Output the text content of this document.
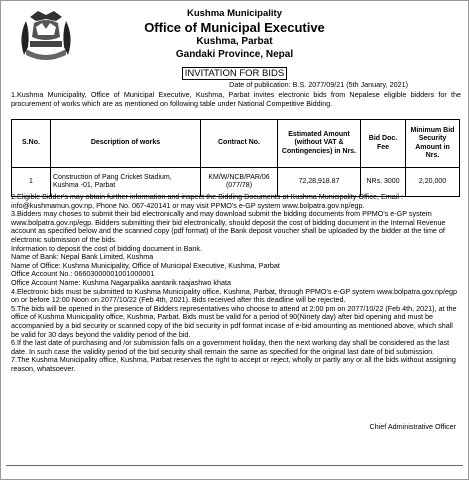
Kushma Municipality
Office of Municipal Executive
Kushma, Parbat
Gandaki Province, Nepal
INVITATION FOR BIDS
Date of publication: B.S. 2077/09/21 (5th January, 2021)
1.Kushma Municipality, Office of Municipal Executive, Kushma, Parbat invites electronic bids from Nepalese eligible bidders for the procurement of works which are as mentioned on following table under National Competitive Bidding.
S.No.	Description of works	Contract No.	Estimated Amount (without VAT & Contingencies) in Nrs.	Bid Doc. Fee	Minimum Bid Security Amount in Nrs.
1	Construction of Pang Cricket Stadium, Kushma -01, Parbat	KM/W/NCB/PAR/06 (077/78)	72,28,918.87	NRs. 3000	2,20,000

2.Eligible Bidder's may obtain further information and inspect the Bidding Documents at Kushma Municipality Office, Email : info@kushmamun.gov.np, Phone No. 067-420141 or may visit PPMO's e-GP system www.bolpatra.gov.np/egp.

3.Bidders may choses to submit their bid electronically and may download submit the bidding documents from PPMO's e-GP system www.bolpatra.gov.np/egp. Bidders submitting their bid electronically, should deposit the cost of bidding document in the Internal Revenue account as specified below and the scanned copy (pdf format) of the Bank deposit voucher shall be uploaded by the bidder at the time of electronic submission of the bids.

Information to deposit the cost of bidding document in Bank.

Name of Bank: Nepal Bank Limited, Kushma

Name of Office: Kushma Municipality, Office of Municipal Executive, Kushma, Parbat

Office Account No.: 06603000001001000001

Office Account Name: Kushma Nagarpalika aantarik raajashwo khata

4.Electronic bids must be submitted to Kushma Municipality office, Kushma, Parbat, through PPMO's e-GP system www.bolpatra.gov.np/egp on or before 12:00 Noon on 2077/10/22 (Feb 4th, 2021). Bids received after this deadline will be rejected.

5.The bids will be opened in the presence of Bidders representatives who choose to attend at 2:00 pm on 2077/10/22 (Feb 4th, 2021), at the office of Kushma Municipality office, Kushma, Parbat. Bids must be valid for a period of 90(Ninety day) after bid opening and must be accompanied by a bid security or scanned copy of the bid security in pdf format incase of e-bid amounting as mentioned above, which shall be valid for 30 days beyond the validity period of the bid.

6.If the last date of purchasing and /or submission falls on a government holiday, then the next working day shall be considered as the last date. In such case the validity period of the bid security shall remain the same as specified for the original last date of bid submission.

7.The Kushma Municipality office, Kushma, Parbat reserves the right to accept or reject, wholly or partly any or all the bids without assigning reason, whatsoever.

Chief Administrative Officer
